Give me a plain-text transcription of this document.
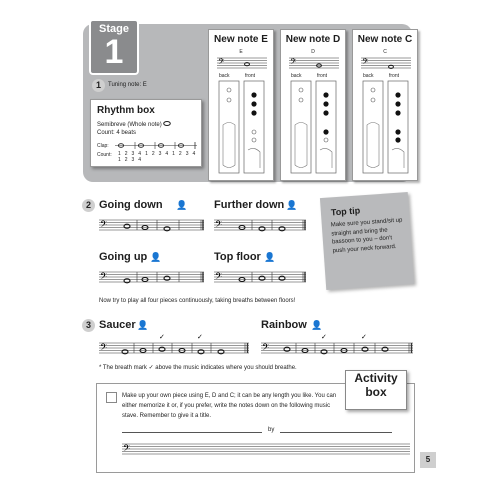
Stage
1
1	Tuning note: E
Rhythm box
Semibreve (Whole note)
Count: 4 beats
Clap:
Count: 1 2 3 4 1 2 3 4 1 2 3 4 1 2 3 4
New note E
E
𝄢
back	front
New note D
D
𝄢
back	front
New note C
C
𝄢
back	front
2 Going down 👤
𝄢
Further down 👤
𝄢
Going up 👤
𝄢
Top floor 👤
𝄢
Now try to play all four pieces continuously, taking breaths between floors!
Top tip
Make sure you stand/sit up straight and bring the bassoon to you – don't push your neck forward.
3 Saucer 👤
✓	✓
𝄢
Rainbow 👤
✓	✓
𝄢
* The breath mark ✓ above the music indicates where you should breathe.
Make up your own piece using E, D and C; it can be any length you like. You can either memorize it or, if you prefer, write the notes down on the following music stave. Remember to give it a title.
Activity
box
by
𝄢
5
